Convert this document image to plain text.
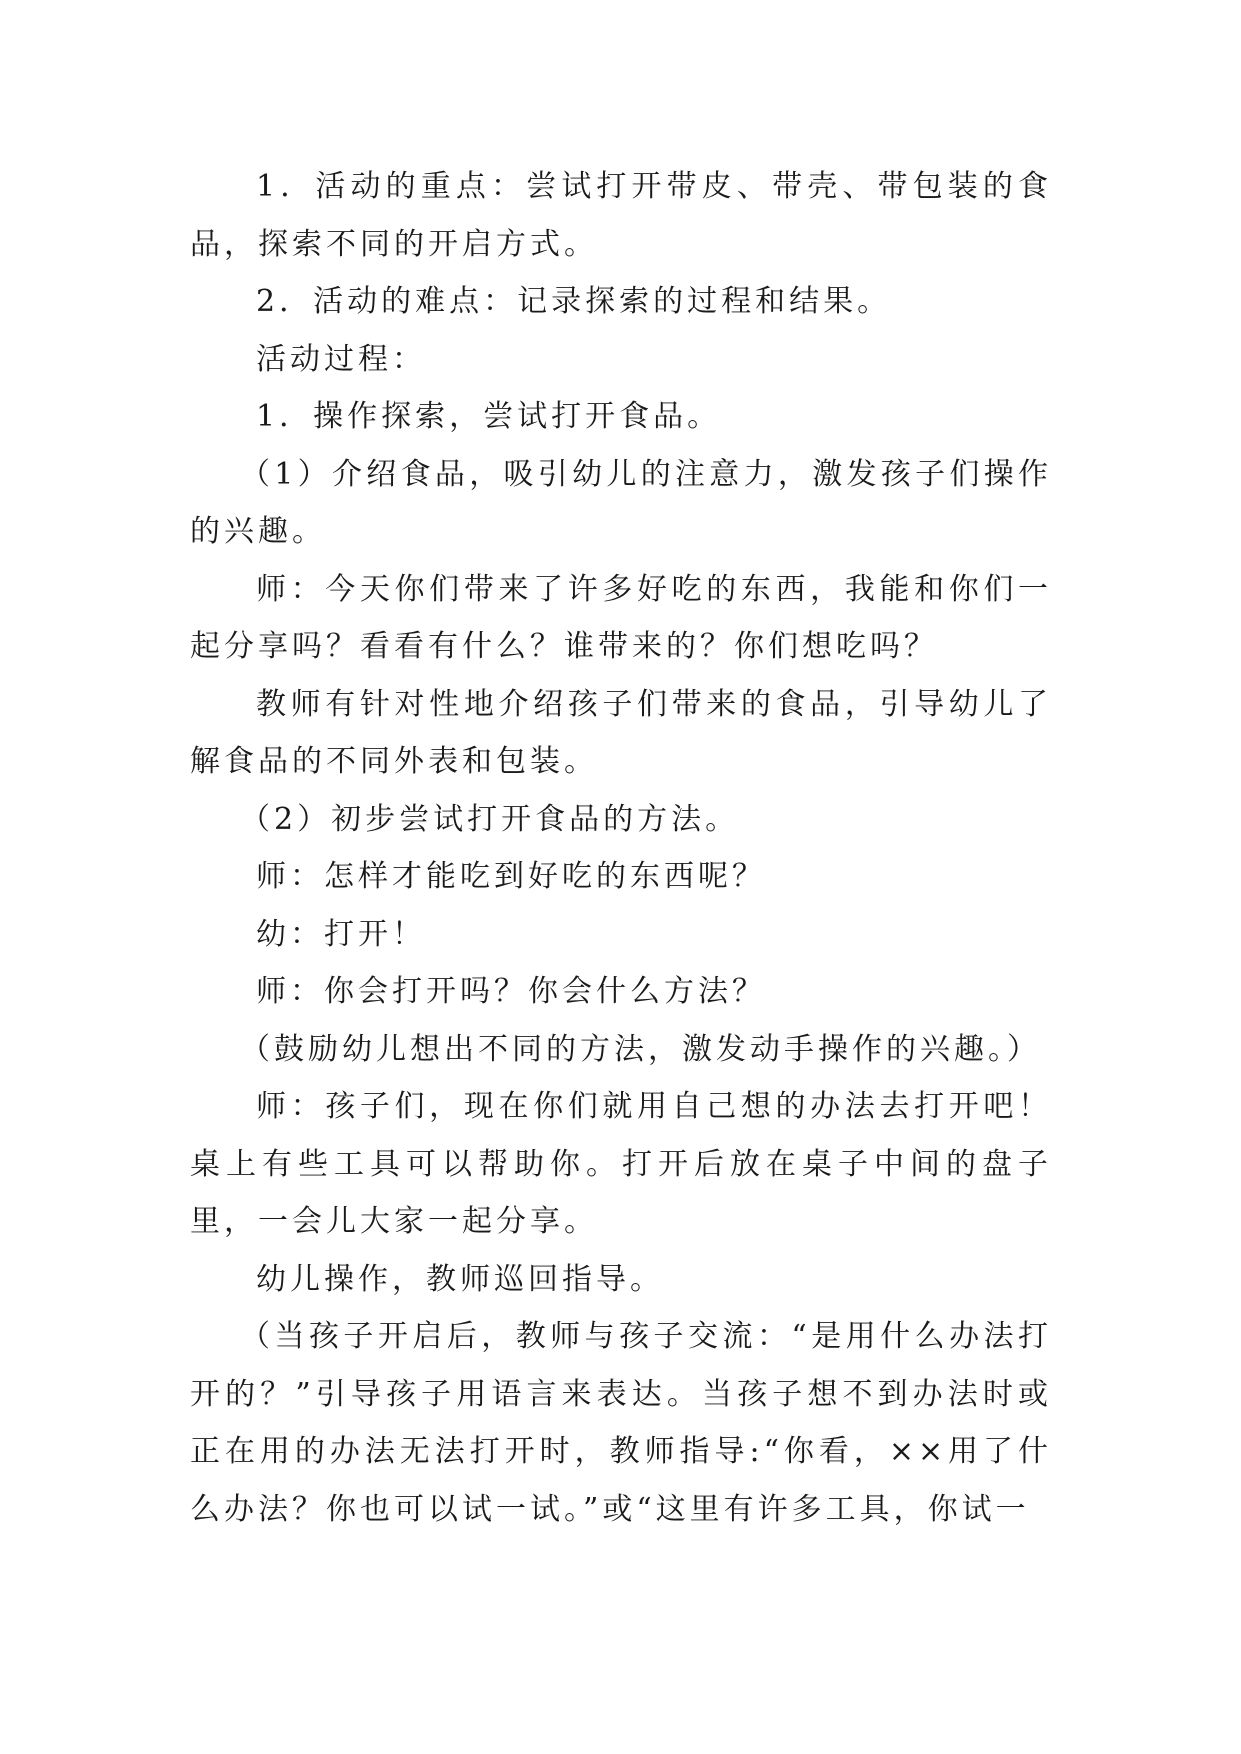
1．活动的重点：尝试打开带皮、带壳、带包装的食品，探索不同的开启方式。

2．活动的难点：记录探索的过程和结果。

活动过程：

1．操作探索，尝试打开食品。

（1）介绍食品，吸引幼儿的注意力，激发孩子们操作的兴趣。

师：今天你们带来了许多好吃的东西，我能和你们一起分享吗？看看有什么？谁带来的？你们想吃吗？

教师有针对性地介绍孩子们带来的食品，引导幼儿了解食品的不同外表和包装。

（2）初步尝试打开食品的方法。

师：怎样才能吃到好吃的东西呢？

幼：打开！

师：你会打开吗？你会什么方法？

（鼓励幼儿想出不同的方法，激发动手操作的兴趣。）

师：孩子们，现在你们就用自己想的办法去打开吧！桌上有些工具可以帮助你。打开后放在桌子中间的盘子里，一会儿大家一起分享。

幼儿操作，教师巡回指导。

（当孩子开启后，教师与孩子交流：“是用什么办法打开的？”引导孩子用语言来表达。当孩子想不到办法时或正在用的办法无法打开时，教师指导:“你看，××用了什么办法？你也可以试一试。”或“这里有许多工具，你试一
